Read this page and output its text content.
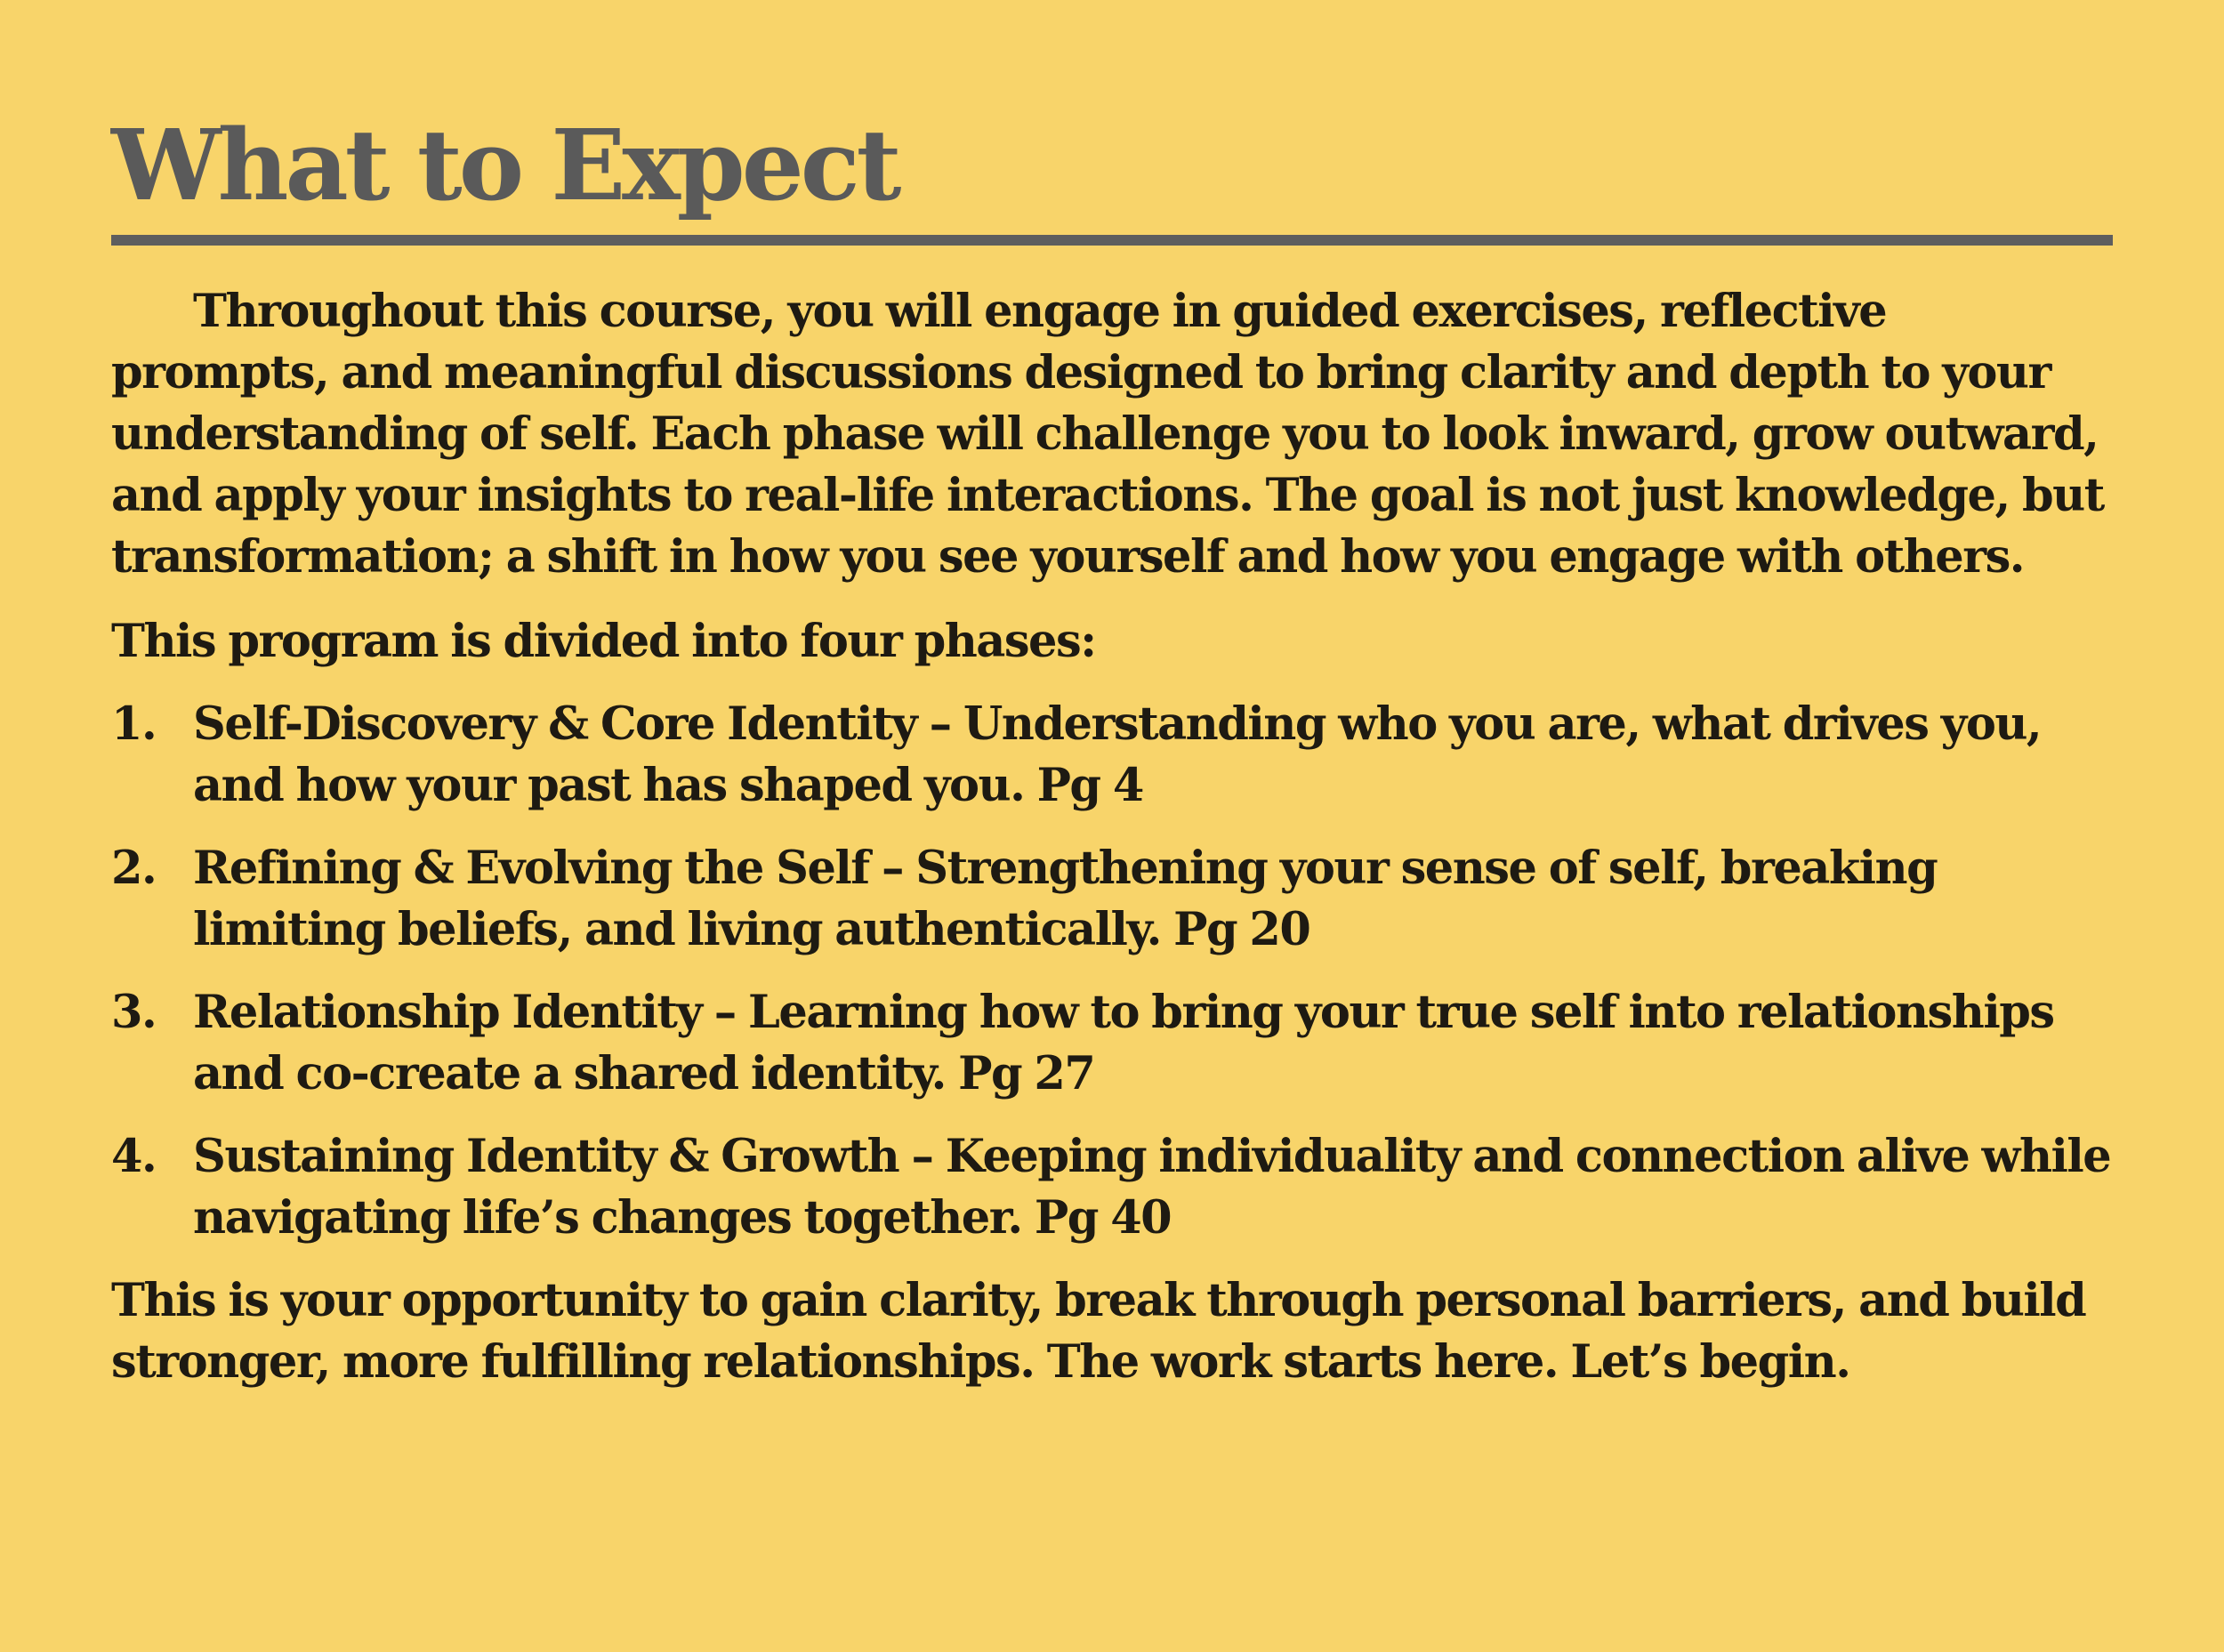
What to Expect

Throughout this course, you will engage in guided exercises, reflective prompts, and meaningful discussions designed to bring clarity and depth to your understanding of self. Each phase will challenge you to look inward, grow outward, and apply your insights to real-life interactions. The goal is not just knowledge, but transformation; a shift in how you see yourself and how you engage with others.

This program is divided into four phases:

1. Self-Discovery & Core Identity – Understanding who you are, what drives you, and how your past has shaped you. Pg 4
2. Refining & Evolving the Self – Strengthening your sense of self, breaking limiting beliefs, and living authentically. Pg 20
3. Relationship Identity – Learning how to bring your true self into relationships and co-create a shared identity. Pg 27
4. Sustaining Identity & Growth – Keeping individuality and connection alive while navigating life’s changes together. Pg 40

This is your opportunity to gain clarity, break through personal barriers, and build stronger, more fulfilling relationships. The work starts here. Let’s begin.
